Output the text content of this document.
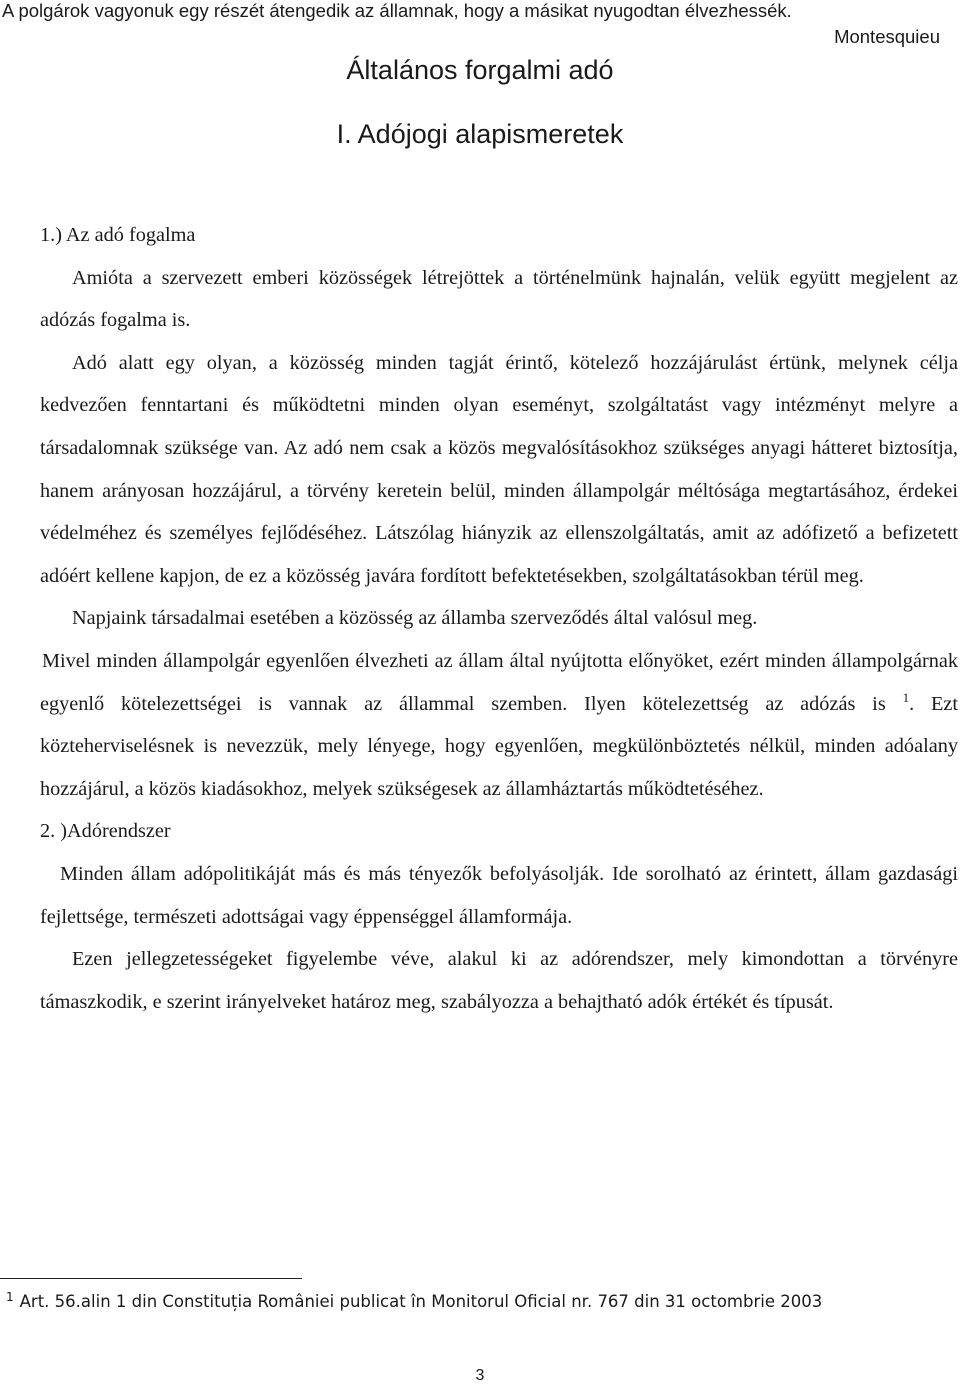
A polgárok vagyonuk egy részét átengedik az államnak, hogy a másikat nyugodtan élvezhessék.
Montesquieu
Általános forgalmi adó
I. Adójogi alapismeretek

1.) Az adó fogalma

Amióta a szervezett emberi közösségek létrejöttek a történelmünk hajnalán, velük együtt megjelent az adózás fogalma is.

Adó alatt egy olyan, a közösség minden tagját érintő, kötelező hozzájárulást értünk, melynek célja kedvezően fenntartani és működtetni minden olyan eseményt, szolgáltatást vagy intézményt melyre a társadalomnak szüksége van. Az adó nem csak a közös megvalósításokhoz szükséges anyagi hátteret biztosítja, hanem arányosan hozzájárul, a törvény keretein belül, minden állampolgár méltósága megtartásához, érdekei védelméhez és személyes fejlődéséhez. Látszólag hiányzik az ellenszolgáltatás, amit az adófizető a befizetett adóért kellene kapjon, de ez a közösség javára fordított befektetésekben, szolgáltatásokban térül meg.

Napjaink társadalmai esetében a közösség az államba szerveződés által valósul meg.

Mivel minden állampolgár egyenlően élvezheti az állam által nyújtotta előnyöket, ezért minden állampolgárnak egyenlő kötelezettségei is vannak az állammal szemben. Ilyen kötelezettség az adózás is $^1$. Ezt közteherviselésnek is nevezzük, mely lényege, hogy egyenlően, megkülönböztetés nélkül, minden adóalany hozzájárul, a közös kiadásokhoz, melyek szükségesek az államháztartás működtetéséhez.

2. )Adórendszer

Minden állam adópolitikáját más és más tényezők befolyásolják. Ide sorolható az érintett, állam gazdasági fejlettsége, természeti adottságai vagy éppenséggel államformája.

Ezen jellegzetességeket figyelembe véve, alakul ki az adórendszer, mely kimondottan a törvényre támaszkodik, e szerint irányelveket határoz meg, szabályozza a behajtható adók értékét és típusát.

$^1$ Art. 56.alin 1 din Constituția României publicat în Monitorul Oficial nr. 767 din 31 octombrie 2003
3
